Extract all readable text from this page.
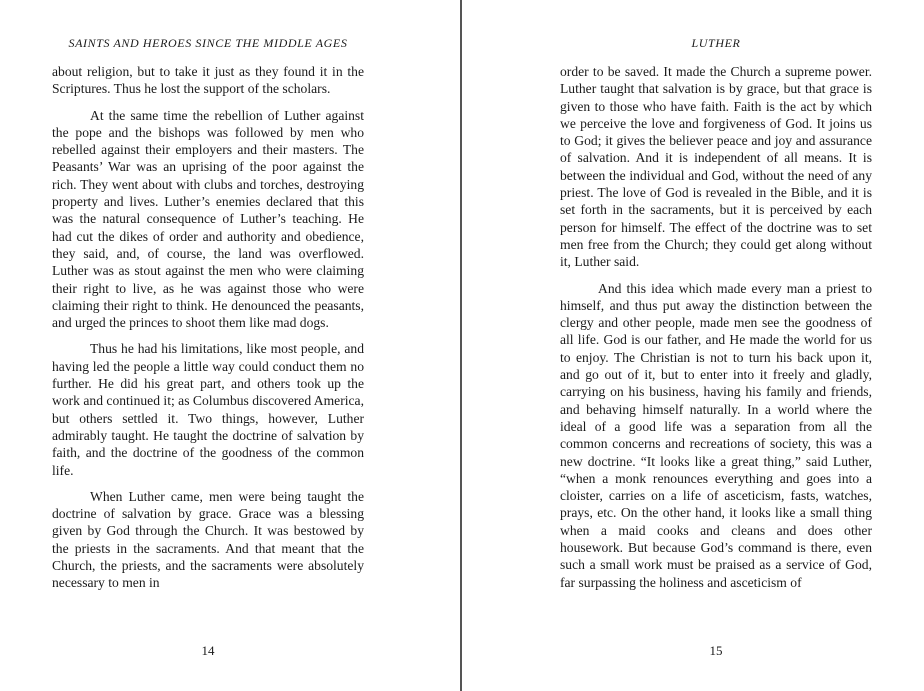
SAINTS AND HEROES SINCE THE MIDDLE AGES

about religion, but to take it just as they found it in the Scriptures. Thus he lost the support of the scholars.

At the same time the rebellion of Luther against the pope and the bishops was followed by men who rebelled against their employers and their masters. The Peasants’ War was an uprising of the poor against the rich. They went about with clubs and torches, destroying property and lives. Luther’s enemies declared that this was the natural consequence of Luther’s teaching. He had cut the dikes of order and authority and obedience, they said, and, of course, the land was overflowed. Luther was as stout against the men who were claiming their right to live, as he was against those who were claiming their right to think. He denounced the peasants, and urged the princes to shoot them like mad dogs.

Thus he had his limitations, like most people, and having led the people a little way could conduct them no further. He did his great part, and others took up the work and continued it; as Columbus discovered America, but others settled it. Two things, however, Luther admirably taught. He taught the doctrine of salvation by faith, and the doctrine of the goodness of the common life.

When Luther came, men were being taught the doctrine of salvation by grace. Grace was a blessing given by God through the Church. It was bestowed by the priests in the sacraments. And that meant that the Church, the priests, and the sacraments were absolutely necessary to men in

14
LUTHER

order to be saved. It made the Church a supreme power. Luther taught that salvation is by grace, but that grace is given to those who have faith. Faith is the act by which we perceive the love and forgiveness of God. It joins us to God; it gives the believer peace and joy and assurance of salvation. And it is independent of all means. It is between the individual and God, without the need of any priest. The love of God is revealed in the Bible, and it is set forth in the sacraments, but it is perceived by each person for himself. The effect of the doctrine was to set men free from the Church; they could get along without it, Luther said.

And this idea which made every man a priest to himself, and thus put away the distinction between the clergy and other people, made men see the goodness of all life. God is our father, and He made the world for us to enjoy. The Christian is not to turn his back upon it, and go out of it, but to enter into it freely and gladly, carrying on his business, having his family and friends, and behaving himself naturally. In a world where the ideal of a good life was a separation from all the common concerns and recreations of society, this was a new doctrine. “It looks like a great thing,” said Luther, “when a monk renounces everything and goes into a cloister, carries on a life of asceticism, fasts, watches, prays, etc. On the other hand, it looks like a small thing when a maid cooks and cleans and does other housework. But because God’s command is there, even such a small work must be praised as a service of God, far surpassing the holiness and asceticism of

15
